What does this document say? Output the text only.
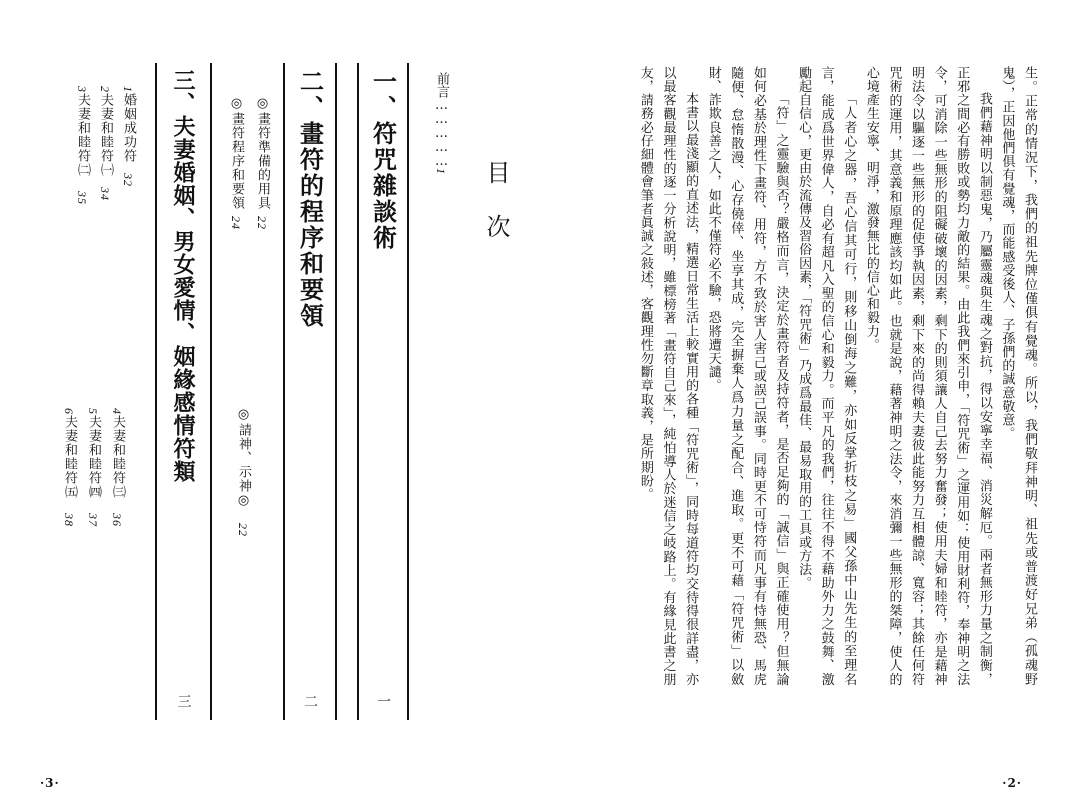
目次
前言……………1
一、符咒雜談術
一
二、畫符的程序和要領
二
◎畫符準備的用具22
◎畫符程序和要領24
◎請神、示神◎22
三、夫妻婚姻、男女愛情、姻緣感情符類
三
1婚姻成功符32
2夫妻和睦符㈠34
3夫妻和睦符㈡35
4夫妻和睦符㈢36
5夫妻和睦符㈣37
6夫妻和睦符㈤38
·3·

生。正常的情況下，我們的祖先牌位僅俱有覺魂。所以，我們敬拜神明、祖先或普渡好兄弟（孤魂野鬼），正因他們俱有覺魂，而能感受後人、子孫們的誠意敬意。

我們藉神明以制惡鬼，乃屬靈魂與生魂之對抗，得以安寧幸福、消災解厄。兩者無形力量之制衡，正邪之間必有勝敗或勢均力敵的結果。由此我們來引申，「符咒術」之運用如：使用財利符，奉神明之法令，可消除一些無形的阻礙破壞的因素，剩下的則須讓人自己去努力奮發；使用夫婦和睦符，亦是藉神明法令以驅逐一些無形的促使爭執因素，剩下來的尚得賴夫妻彼此能努力互相體諒、寬容；其餘任何符咒術的運用，其意義和原理應該均如此。也就是說，藉著神明之法令，來消彌一些無形的桀障，使人的心境產生安寧、明淨，激發無比的信心和毅力。

「人者心之器，吾心信其可行，則移山倒海之難，亦如反掌折枝之易」國父孫中山先生的至理名言，能成爲世界偉人，自必有超凡入聖的信心和毅力。而平凡的我們，往往不得不藉助外力之鼓舞、激勵起自信心，更由於流傳及習俗因素，「符咒術」乃成爲最佳、最易取用的工具或方法。

「符」之靈驗與否？嚴格而言，決定於畫符者及持符者，是否足夠的「誠信」與正確使用？但無論如何必基於理性下畫符、用符，方不致於害人害己或誤己誤事。同時更不可恃符而凡事有恃無恐、馬虎隨便、怠惰散漫、心存僥倖、坐享其成，完全摒棄人爲力量之配合、進取。更不可藉「符咒術」以斂財、詐欺良善之人，如此不僅符必不驗，恐將遭天譴。

本書以最淺顯的直述法，精選日常生活上較實用的各種「符咒術」，同時每道符均交待得很詳盡，亦以最客觀最理性的逐一分析說明，雖標榜著「畫符自己來」，純怕導人於迷信之岐路上。有緣見此書之朋友，請務必仔細體會筆者眞誠之敍述，客觀理性勿斷章取義，是所期盼。

·2·
